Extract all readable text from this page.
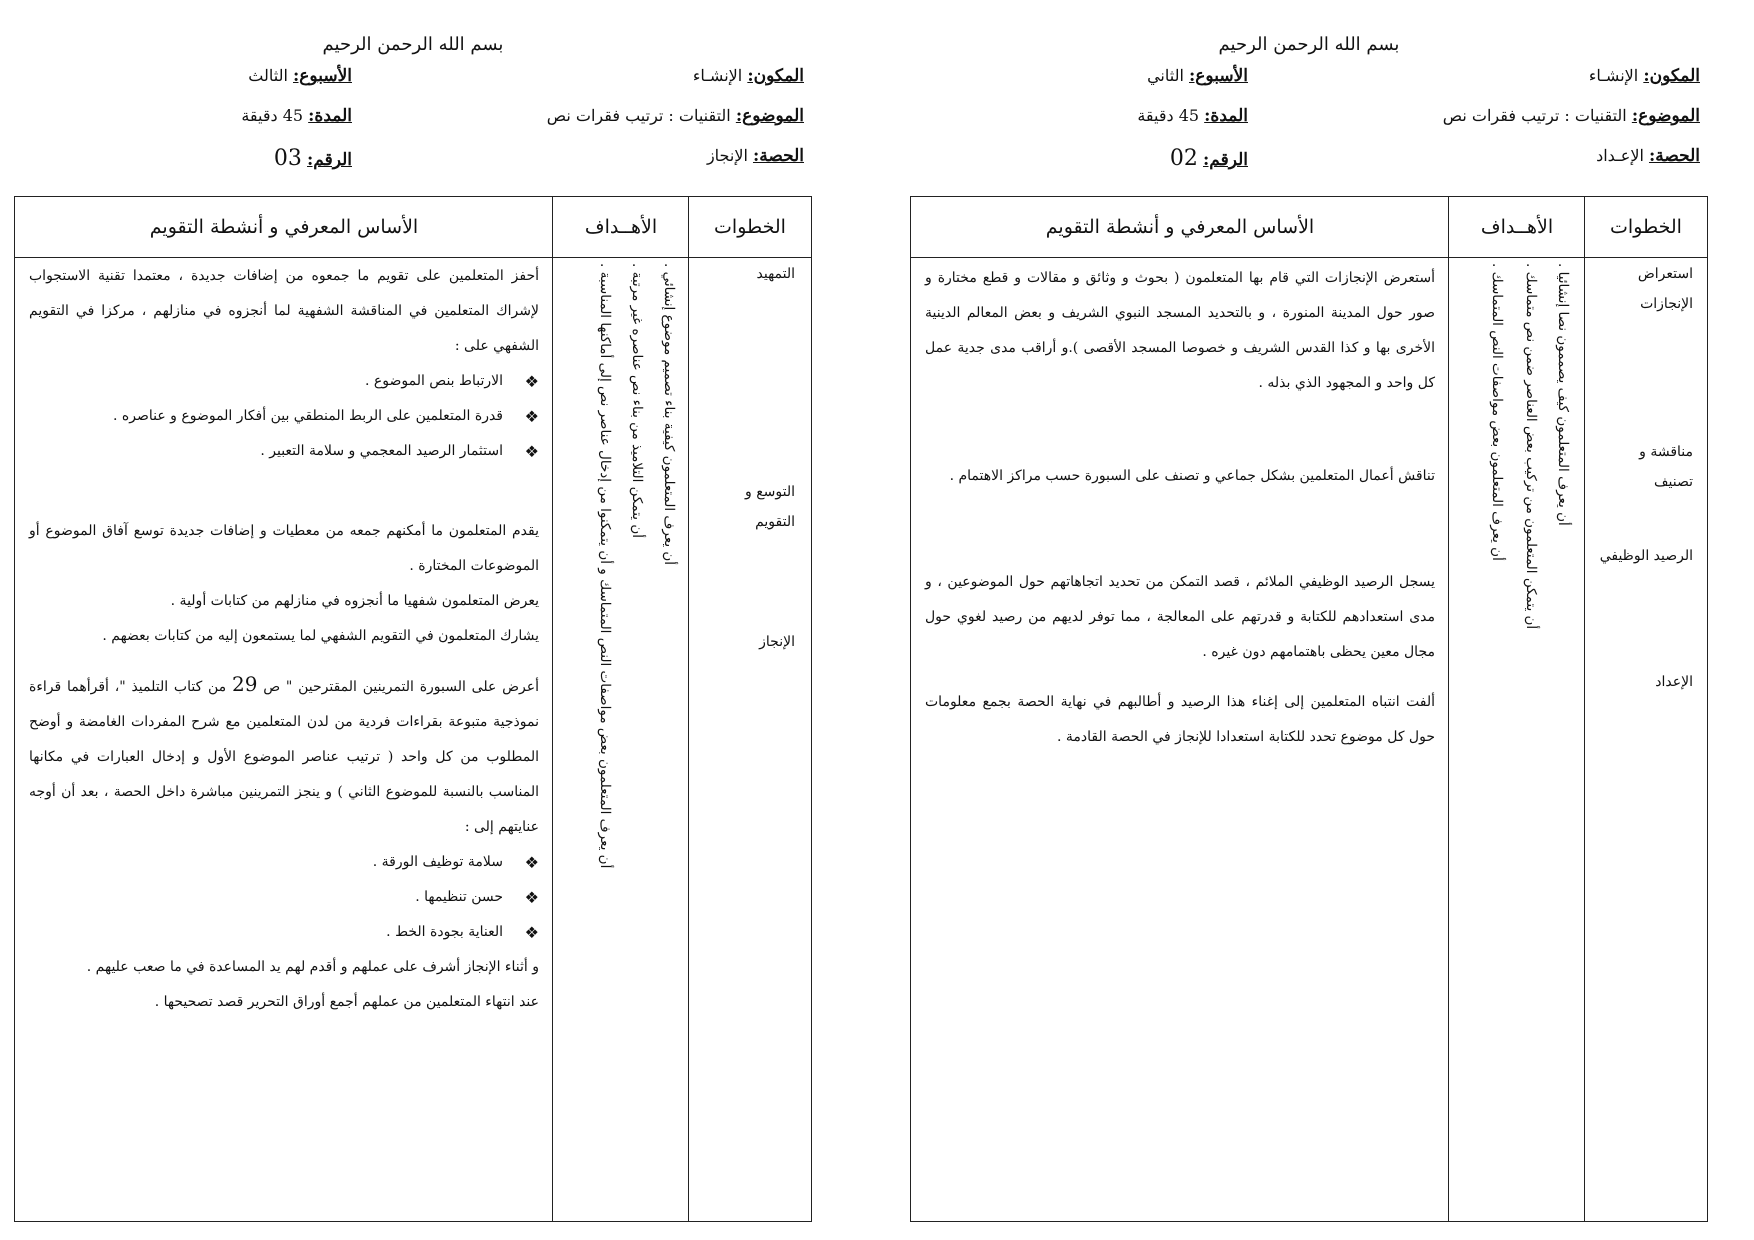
بسم الله الرحمن الرحيم
المكون: الإنشـاء
الأسبوع: الثالث
الموضوع: التقنيات : ترتيب فقرات نص
المدة: 45 دقيقة
الحصة: الإنجاز
الرقم: 03
الخطوات
الأهــداف
الأساس المعرفي و أنشطة التقويم
التمهيد
التوسع و التقويم
الإنجاز
أن يعرف المتعلمون كيفية بناء تصميم موضوع إنشائي .
أن يتمكن التلاميذ من بناء نص عناصره غير مرتبة .
أن يعرف المتعلمون بعض مواصفات النص المتماسك و أن يتمكنوا من إدخال عناصر نص إلى أماكنها المناسبة .
أحفز المتعلمين على تقويم ما جمعوه من إضافات جديدة ، معتمدا تقنية الاستجواب لإشراك المتعلمين في المناقشة الشفهية لما أنجزوه في منازلهم ، مركزا في التقويم الشفهي على :
❖
الارتباط بنص الموضوع .
❖
قدرة المتعلمين على الربط المنطقي بين أفكار الموضوع و عناصره .
❖
استثمار الرصيد المعجمي و سلامة التعبير .
يقدم المتعلمون ما أمكنهم جمعه من معطيات و إضافات جديدة توسع آفاق الموضوع أو الموضوعات المختارة .
يعرض المتعلمون شفهيا ما أنجزوه في منازلهم من كتابات أولية .
يشارك المتعلمون في التقويم الشفهي لما يستمعون إليه من كتابات بعضهم .
أعرض على السبورة التمرينين المقترحين " ص 29 من كتاب التلميذ "، أقرأهما قراءة نموذجية متبوعة بقراءات فردية من لدن المتعلمين مع شرح المفردات الغامضة و أوضح المطلوب من كل واحد ( ترتيب عناصر الموضوع الأول و إدخال العبارات في مكانها المناسب بالنسبة للموضوع الثاني ) و ينجز التمرينين مباشرة داخل الحصة ، بعد أن أوجه عنايتهم إلى :
❖
سلامة توظيف الورقة .
❖
حسن تنظيمها .
❖
العناية بجودة الخط .
و أثناء الإنجاز أشرف على عملهم و أقدم لهم يد المساعدة في ما صعب عليهم .
عند انتهاء المتعلمين من عملهم أجمع أوراق التحرير قصد تصحيحها .
بسم الله الرحمن الرحيم
المكون: الإنشـاء
الأسبوع: الثاني
الموضوع: التقنيات : ترتيب فقرات نص
المدة: 45 دقيقة
الحصة: الإعـداد
الرقم: 02
الخطوات
الأهــداف
الأساس المعرفي و أنشطة التقويم
استعراض الإنجازات
مناقشة و تصنيف
الرصيد الوظيفي
الإعداد
أن يعرف المتعلمون بعض مواصفات النص المتماسك . أن يتمكن المتعلمون من تركيب بعض العناصر ضمن نص متماسك . أن يعرف المتعلمون كيف يصممون نصا إنشائيا .
أستعرض الإنجازات التي قام بها المتعلمون ( بحوث و وثائق و مقالات و قطع مختارة و صور حول المدينة المنورة ، و بالتحديد المسجد النبوي الشريف و بعض المعالم الدينية الأخرى بها و كذا القدس الشريف و خصوصا المسجد الأقصى ).و أراقب مدى جدية عمل كل واحد و المجهود الذي بذله .
تناقش أعمال المتعلمين بشكل جماعي و تصنف على السبورة حسب مراكز الاهتمام .
يسجل الرصيد الوظيفي الملائم ، قصد التمكن من تحديد اتجاهاتهم حول الموضوعين ، و مدى استعدادهم للكتابة و قدرتهم على المعالجة ، مما توفر لديهم من رصيد لغوي حول مجال معين يحظى باهتمامهم دون غيره .
ألفت انتباه المتعلمين إلى إغناء هذا الرصيد و أطالبهم في نهاية الحصة بجمع معلومات حول كل موضوع تحدد للكتابة استعدادا للإنجاز في الحصة القادمة .
